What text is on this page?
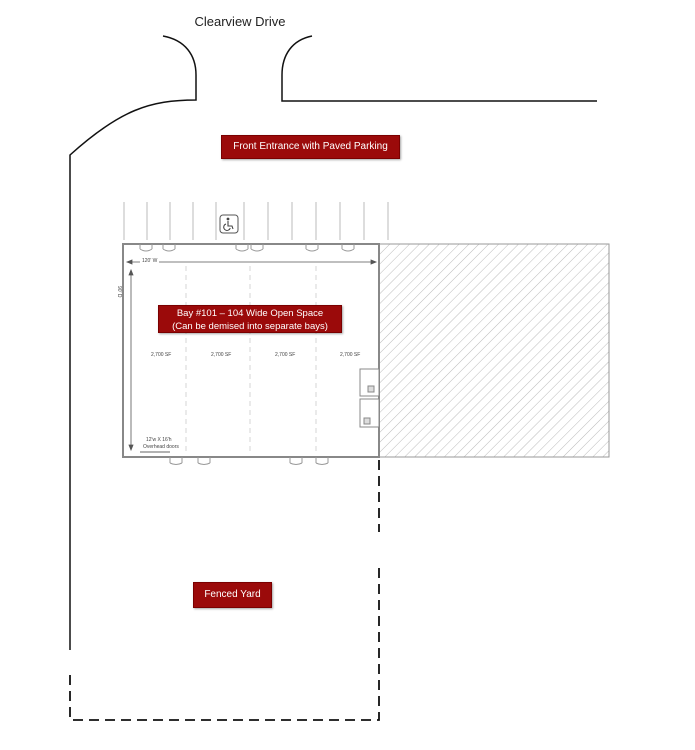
Clearview Drive
Front Entrance with Paved Parking
Bay #101 – 104 Wide Open Space
(Can be demised into separate bays)
Fenced Yard
120' W
90' D
2,700 SF	2,700 SF	2,700 SF	2,700 SF
12'w X 16'h
Overhead doors
